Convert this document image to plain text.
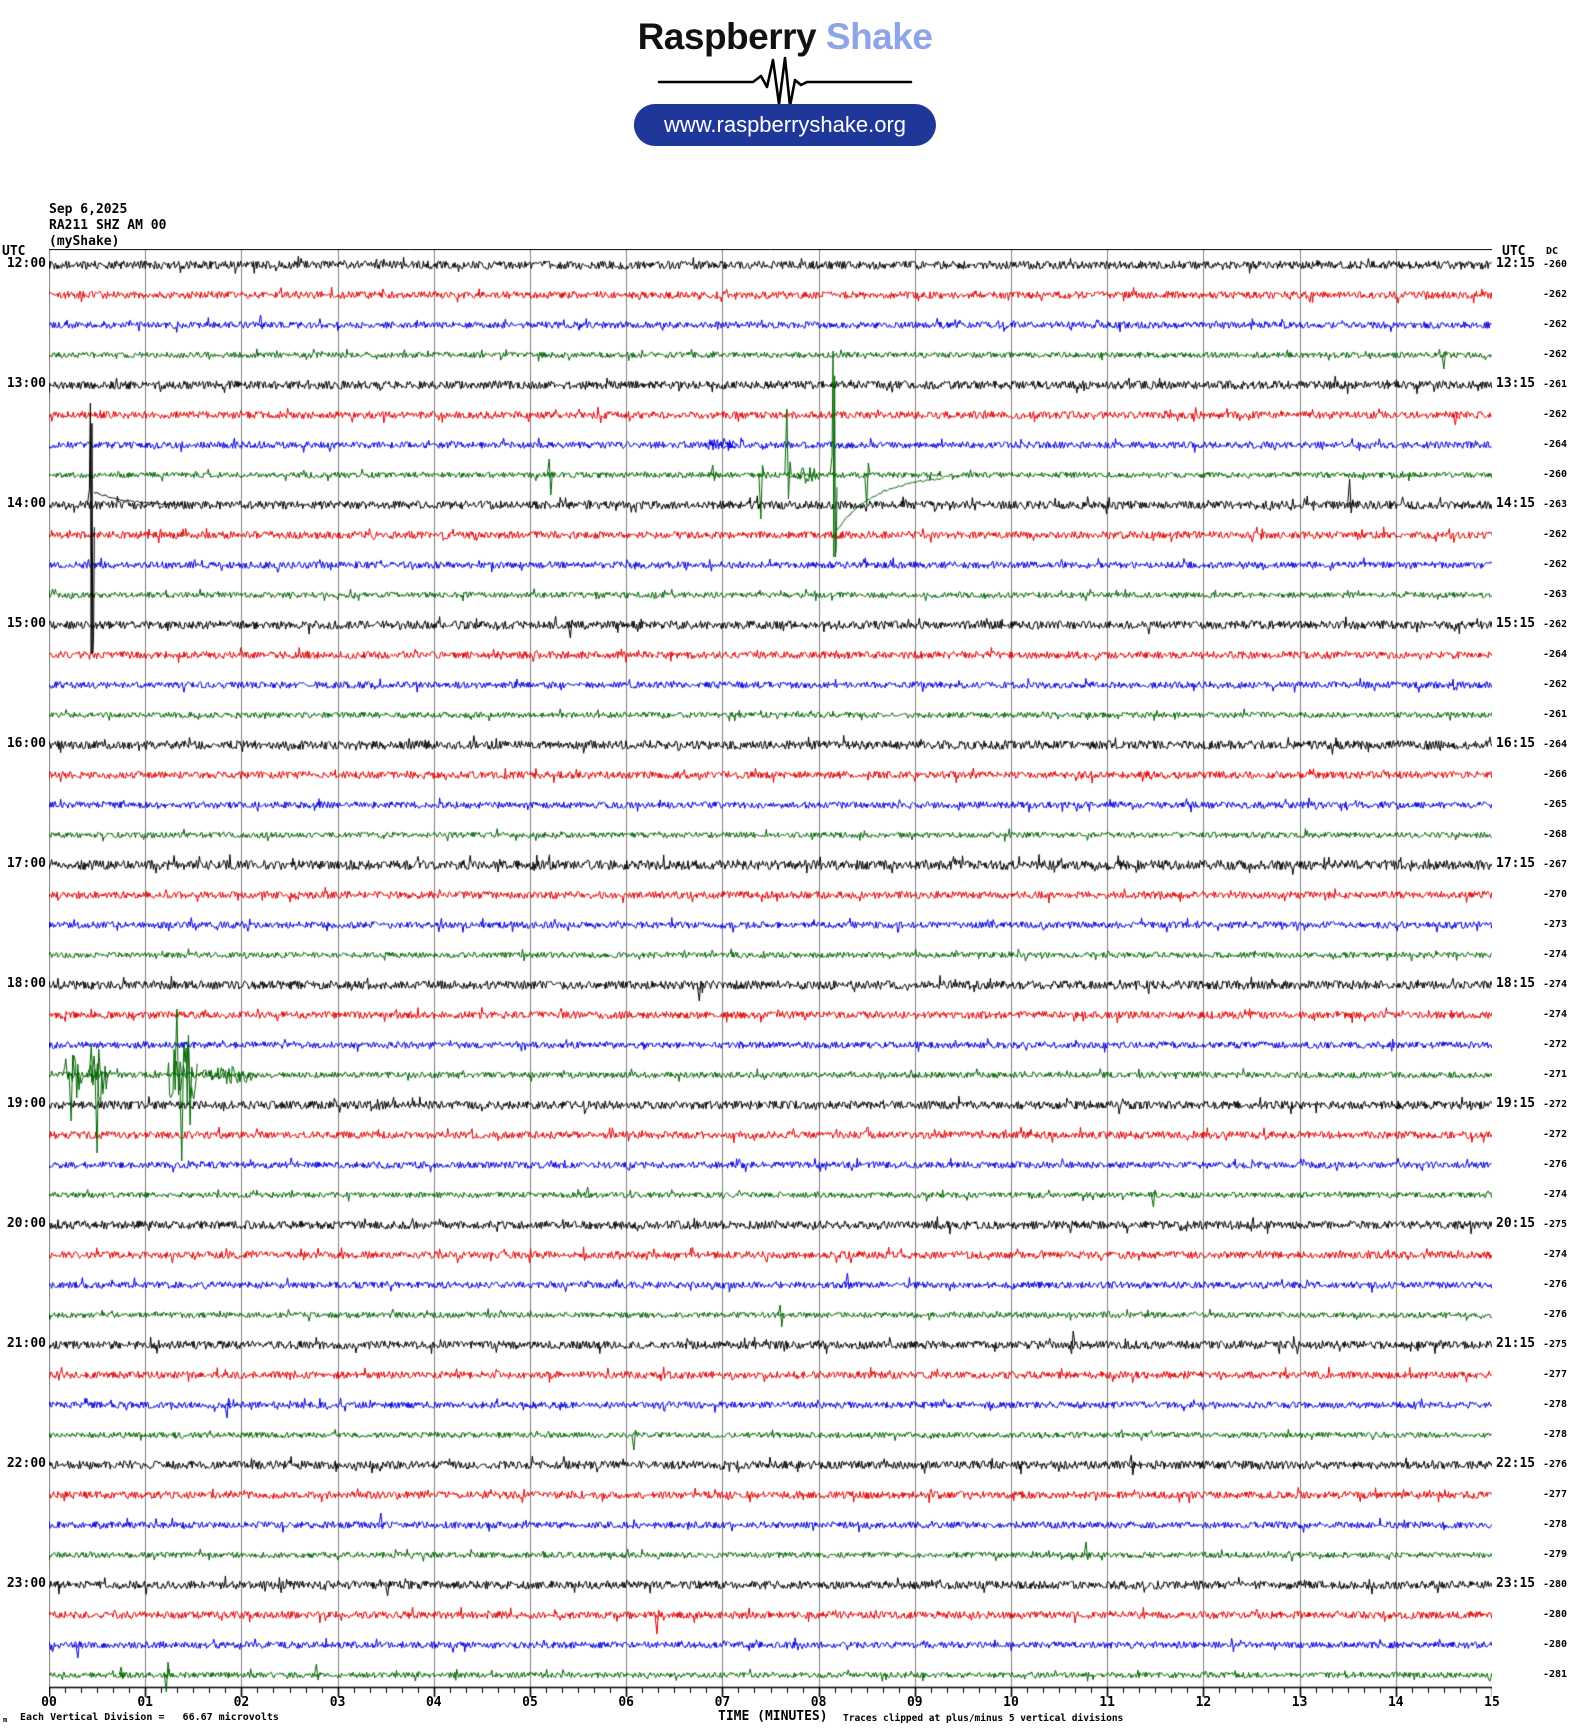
Raspberry Shake
www.raspberryshake.org
Sep 6,2025
RA211 SHZ AM 00
(myShake)
UTC	UTC DC
12:00	12:15 -260
-262
-262
-262
13:00	13:15 -261
-262
-264
-260
14:00	14:15 -263
-262
-262
-263
15:00	15:15 -262
-264
-262
-261
16:00	16:15 -264
-266
-265
-268
17:00	17:15 -267
-270
-273
-274
18:00	18:15 -274
-274
-272
-271
19:00	19:15 -272
-272
-276
-274
20:00	20:15 -275
-274
-276
-276
21:00	21:15 -275
-277
-278
-278
22:00	22:15 -276
-277
-278
-279
23:00	23:15 -280
-280
-280
-281
00	01	02	03	04	05	06	07	08	09	10	11	12	13	14	15
m Each Vertical Division =   66.67 microvolts	TIME (MINUTES) Traces clipped at plus/minus 5 vertical divisions
